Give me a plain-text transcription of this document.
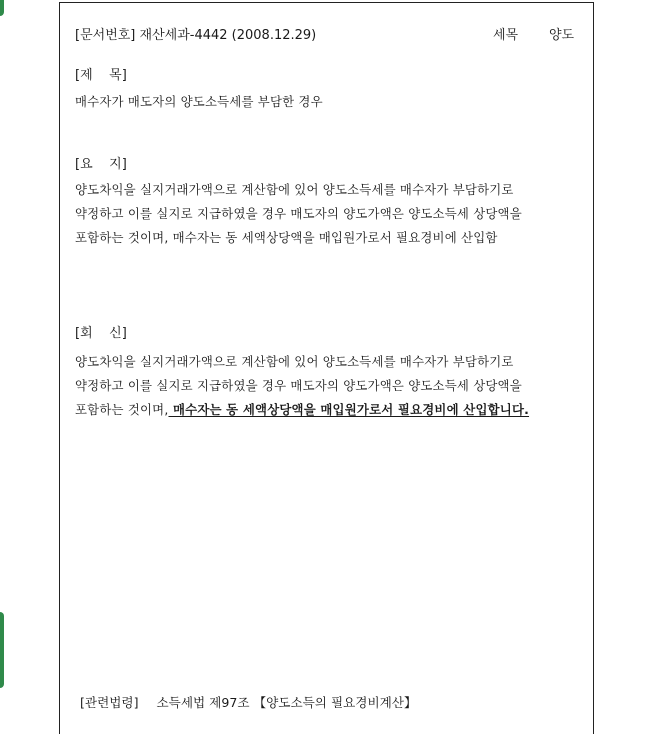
[문서번호] 재산세과-4442 (2008.12.29)	세목 양도
[제    목]
매수자가 매도자의 양도소득세를 부담한 경우
[요    지]
양도차익을 실지거래가액으로 계산함에 있어 양도소득세를 매수자가 부담하기로
약정하고 이를 실지로 지급하였을 경우 매도자의 양도가액은 양도소득세 상당액을
포함하는 것이며, 매수자는 동 세액상당액을 매입원가로서 필요경비에 산입함
[회    신]
양도차익을 실지거래가액으로 계산함에 있어 양도소득세를 매수자가 부담하기로
약정하고 이를 실지로 지급하였을 경우 매도자의 양도가액은 양도소득세 상당액을
포함하는 것이며, 매수자는 동 세액상당액을 매입원가로서 필요경비에 산입합니다.
[관련법령] 소득세법 제97조 【양도소득의 필요경비계산】
